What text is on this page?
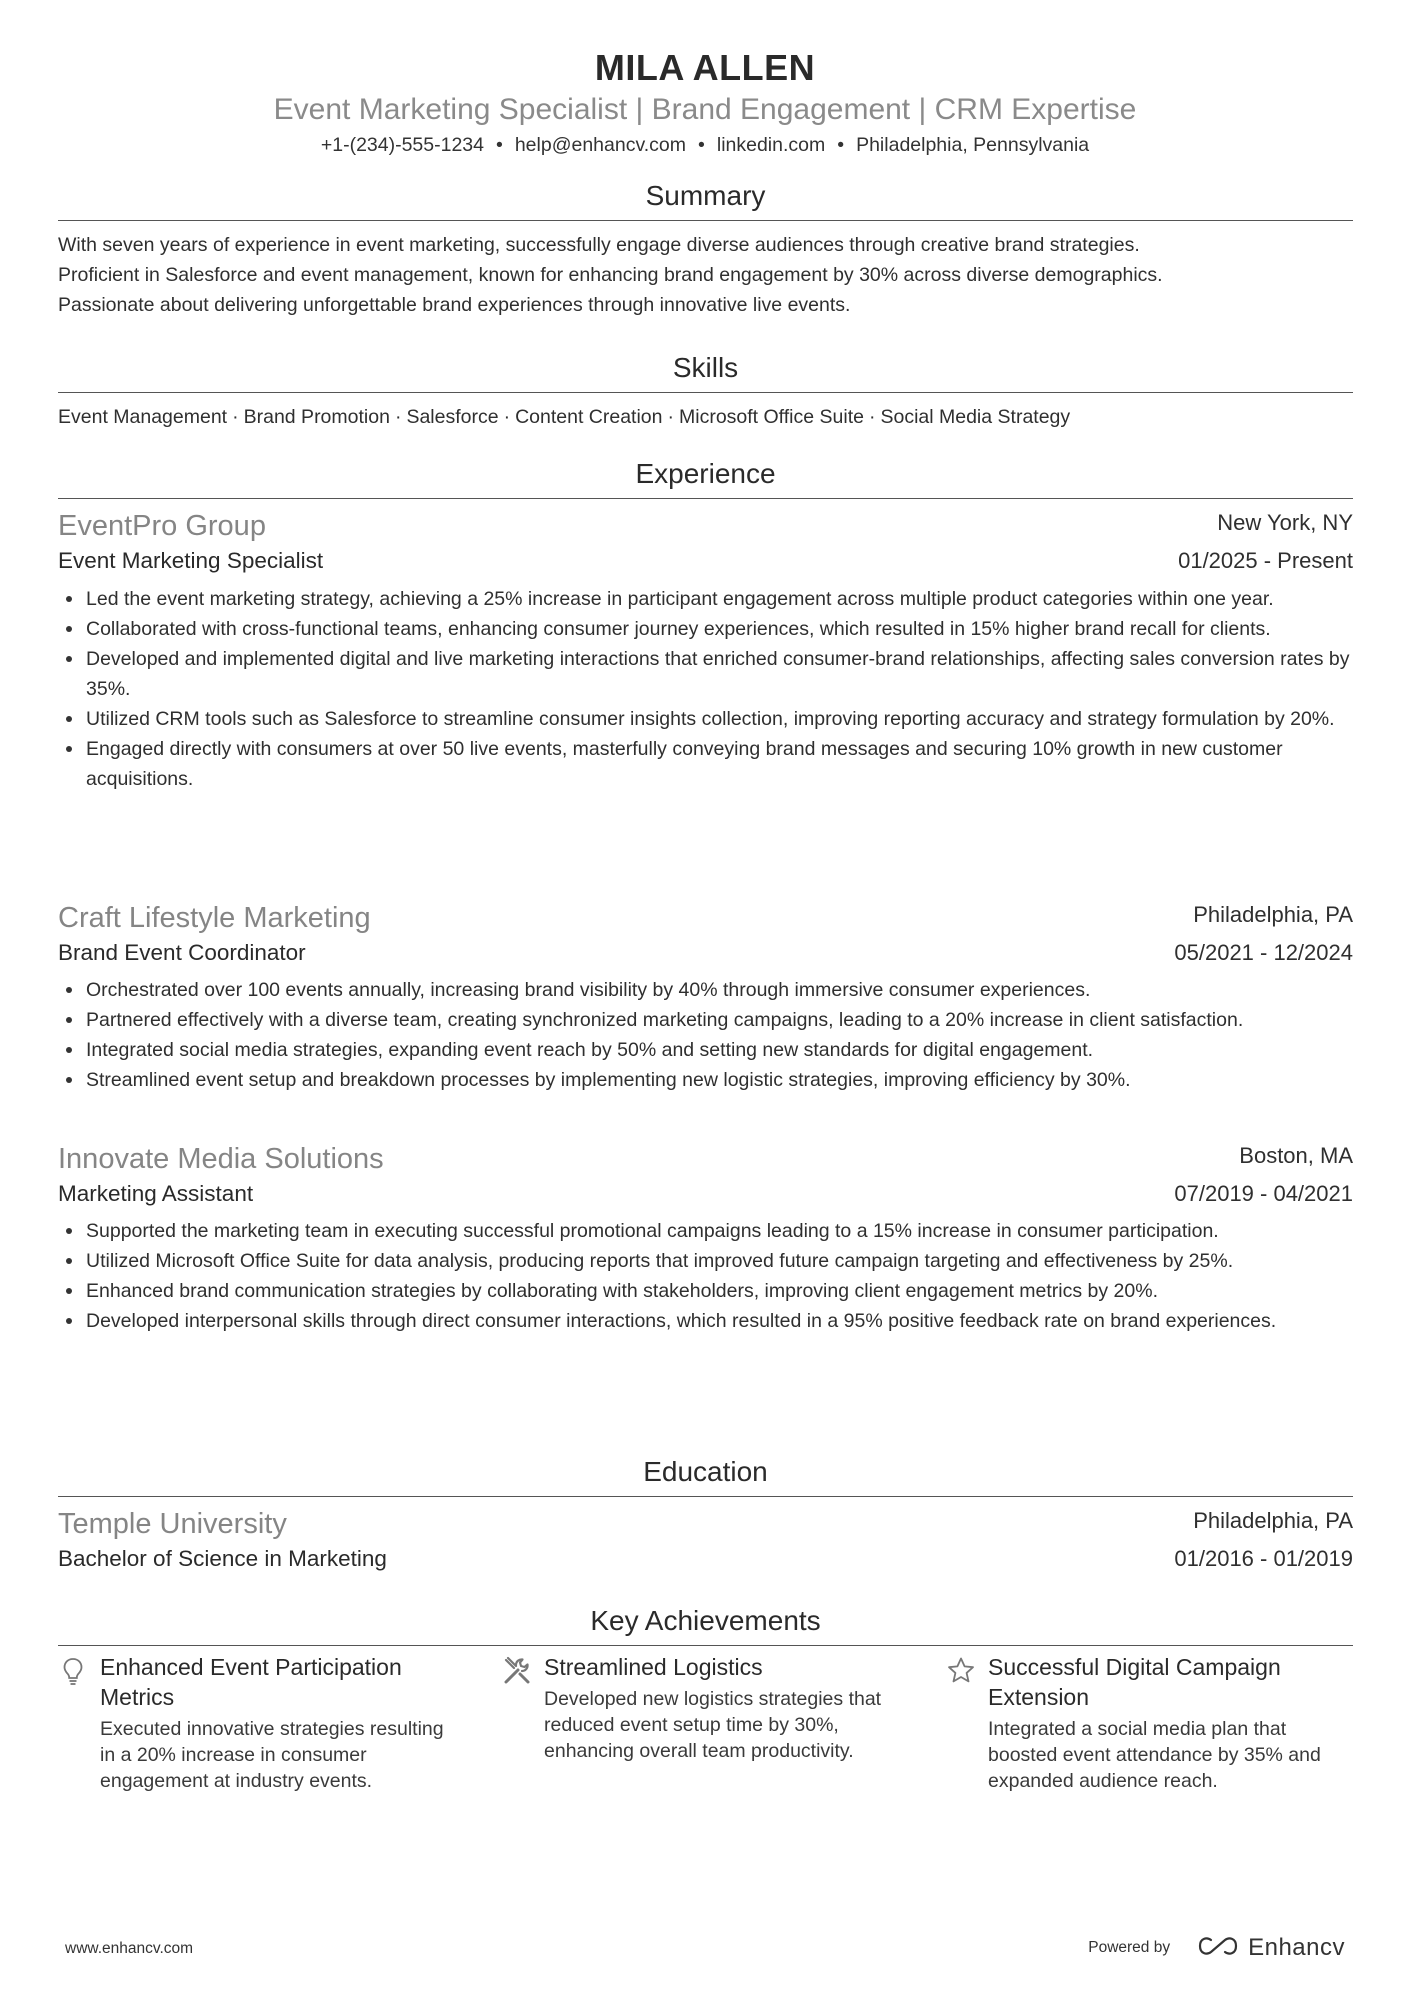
MILA ALLEN
Event Marketing Specialist | Brand Engagement | CRM Expertise
+1-(234)-555-1234 • help@enhancv.com • linkedin.com • Philadelphia, Pennsylvania
Summary
With seven years of experience in event marketing, successfully engage diverse audiences through creative brand strategies.
Proficient in Salesforce and event management, known for enhancing brand engagement by 30% across diverse demographics.
Passionate about delivering unforgettable brand experiences through innovative live events.
Skills
Event Management · Brand Promotion · Salesforce · Content Creation · Microsoft Office Suite · Social Media Strategy
Experience
EventPro Group	New York, NY
Event Marketing Specialist	01/2025 - Present
Led the event marketing strategy, achieving a 25% increase in participant engagement across multiple product categories within one year.
Collaborated with cross-functional teams, enhancing consumer journey experiences, which resulted in 15% higher brand recall for clients.
Developed and implemented digital and live marketing interactions that enriched consumer-brand relationships, affecting sales conversion rates by 35%.
Utilized CRM tools such as Salesforce to streamline consumer insights collection, improving reporting accuracy and strategy formulation by 20%.
Engaged directly with consumers at over 50 live events, masterfully conveying brand messages and securing 10% growth in new customer acquisitions.
Craft Lifestyle Marketing	Philadelphia, PA
Brand Event Coordinator	05/2021 - 12/2024
Orchestrated over 100 events annually, increasing brand visibility by 40% through immersive consumer experiences.
Partnered effectively with a diverse team, creating synchronized marketing campaigns, leading to a 20% increase in client satisfaction.
Integrated social media strategies, expanding event reach by 50% and setting new standards for digital engagement.
Streamlined event setup and breakdown processes by implementing new logistic strategies, improving efficiency by 30%.
Innovate Media Solutions	Boston, MA
Marketing Assistant	07/2019 - 04/2021
Supported the marketing team in executing successful promotional campaigns leading to a 15% increase in consumer participation.
Utilized Microsoft Office Suite for data analysis, producing reports that improved future campaign targeting and effectiveness by 25%.
Enhanced brand communication strategies by collaborating with stakeholders, improving client engagement metrics by 20%.
Developed interpersonal skills through direct consumer interactions, which resulted in a 95% positive feedback rate on brand experiences.
Education
Temple University	Philadelphia, PA
Bachelor of Science in Marketing	01/2016 - 01/2019
Key Achievements
Enhanced Event Participation Metrics
Executed innovative strategies resulting in a 20% increase in consumer engagement at industry events.
Streamlined Logistics
Developed new logistics strategies that reduced event setup time by 30%, enhancing overall team productivity.
Successful Digital Campaign Extension
Integrated a social media plan that boosted event attendance by 35% and expanded audience reach.
www.enhancv.com	Powered by	Enhancv
